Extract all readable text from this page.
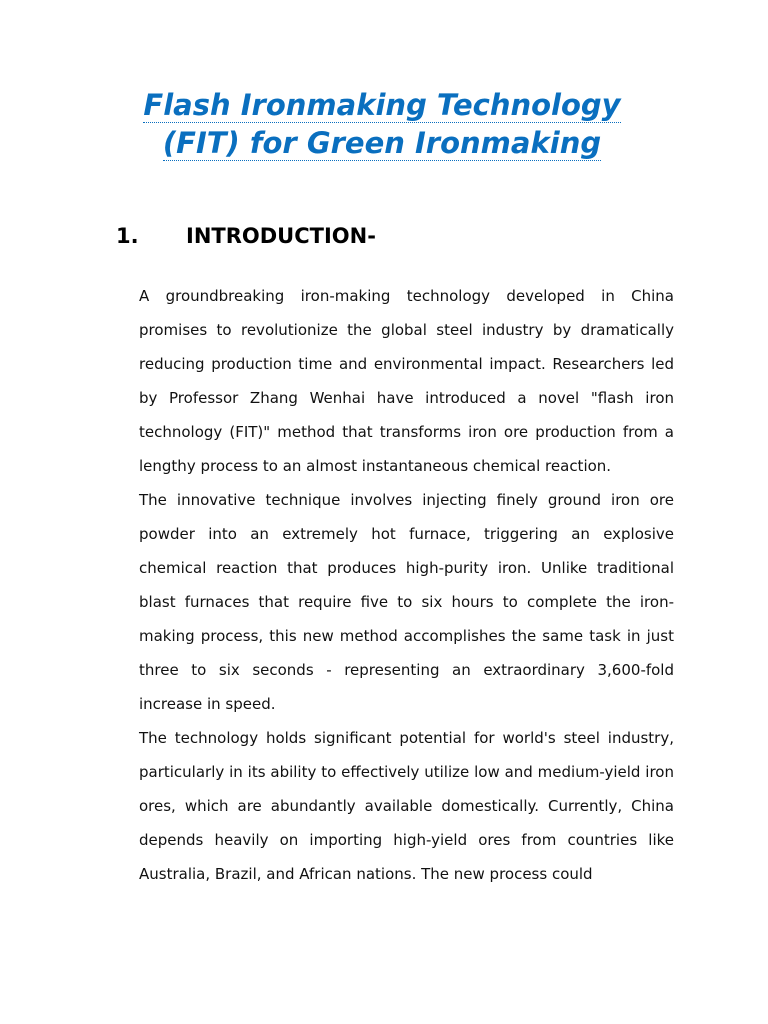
Flash Ironmaking Technology
(FIT) for Green Ironmaking
1. INTRODUCTION-

A groundbreaking iron-making technology developed in China promises to revolutionize the global steel industry by dramatically reducing production time and environmental impact. Researchers led by Professor Zhang Wenhai have introduced a novel "flash iron technology (FIT)" method that transforms iron ore production from a lengthy process to an almost instantaneous chemical reaction.

The innovative technique involves injecting finely ground iron ore powder into an extremely hot furnace, triggering an explosive chemical reaction that produces high-purity iron. Unlike traditional blast furnaces that require five to six hours to complete the iron-making process, this new method accomplishes the same task in just three to six seconds - representing an extraordinary 3,600-fold increase in speed.

The technology holds significant potential for world's steel industry, particularly in its ability to effectively utilize low and medium-yield iron ores, which are abundantly available domestically. Currently, China depends heavily on importing high-yield ores from countries like Australia, Brazil, and African nations. The new process could
